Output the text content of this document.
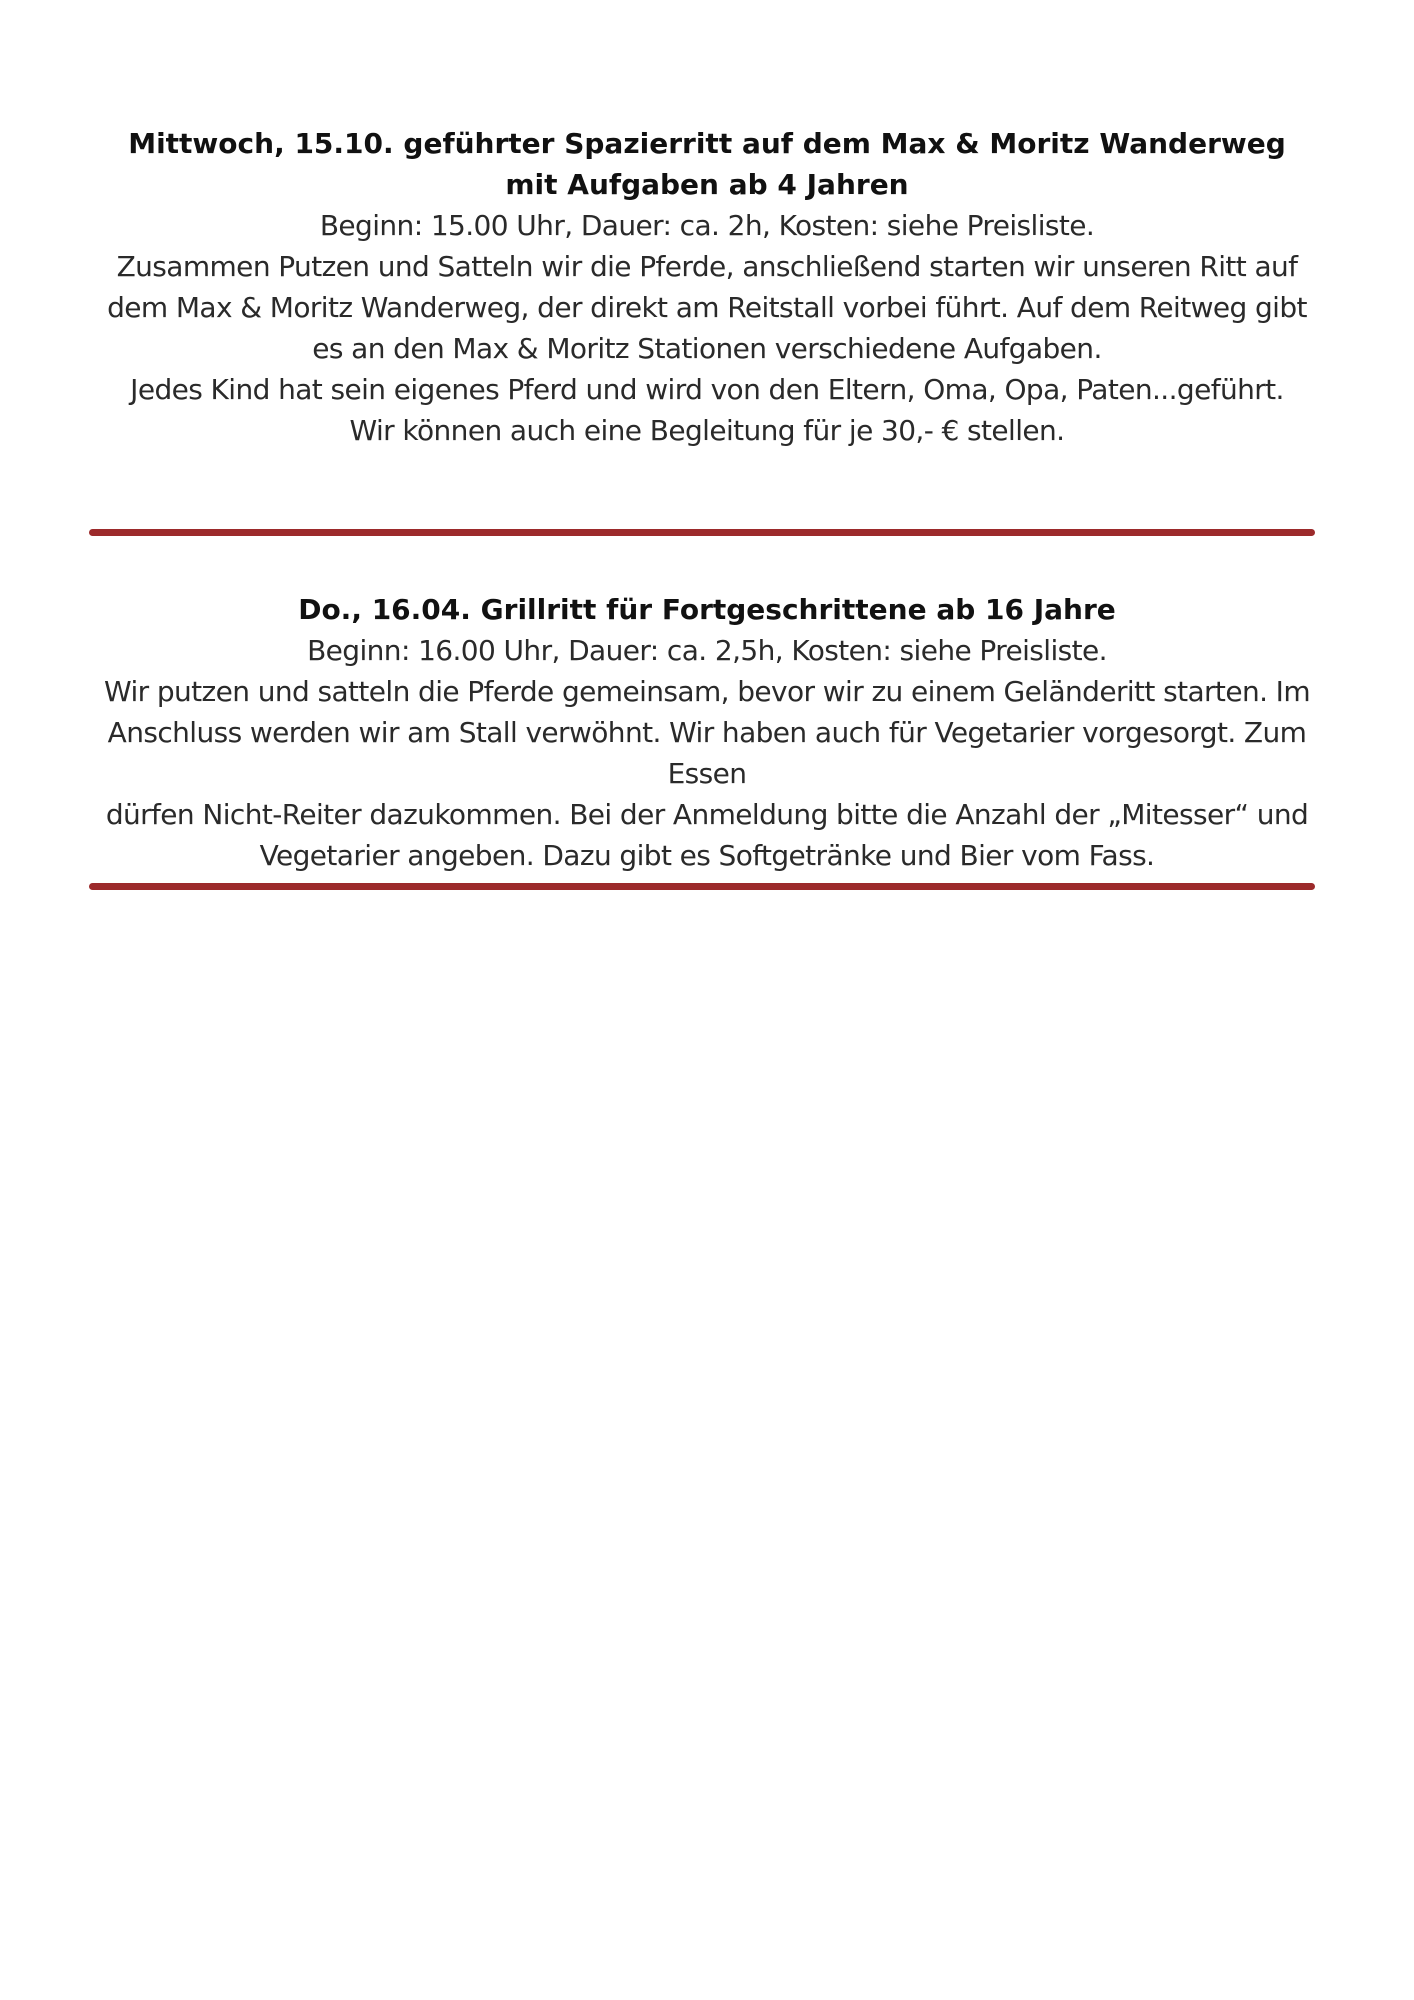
Mittwoch, 15.10. geführter Spazierritt auf dem Max & Moritz Wanderweg

mit Aufgaben ab 4 Jahren

Beginn: 15.00 Uhr, Dauer: ca. 2h, Kosten: siehe Preisliste.

Zusammen Putzen und Satteln wir die Pferde, anschließend starten wir unseren Ritt auf

dem Max & Moritz Wanderweg, der direkt am Reitstall vorbei führt. Auf dem Reitweg gibt

es an den Max & Moritz Stationen verschiedene Aufgaben.

Jedes Kind hat sein eigenes Pferd und wird von den Eltern, Oma, Opa, Paten...geführt.

Wir können auch eine Begleitung für je 30,- € stellen.

Do., 16.04. Grillritt für Fortgeschrittene ab 16 Jahre

Beginn: 16.00 Uhr, Dauer: ca. 2,5h, Kosten: siehe Preisliste.

Wir putzen und satteln die Pferde gemeinsam, bevor wir zu einem Geländeritt starten. Im

Anschluss werden wir am Stall verwöhnt. Wir haben auch für Vegetarier vorgesorgt. Zum Essen

dürfen Nicht-Reiter dazukommen. Bei der Anmeldung bitte die Anzahl der „Mitesser“ und

Vegetarier angeben. Dazu gibt es Softgetränke und Bier vom Fass.
